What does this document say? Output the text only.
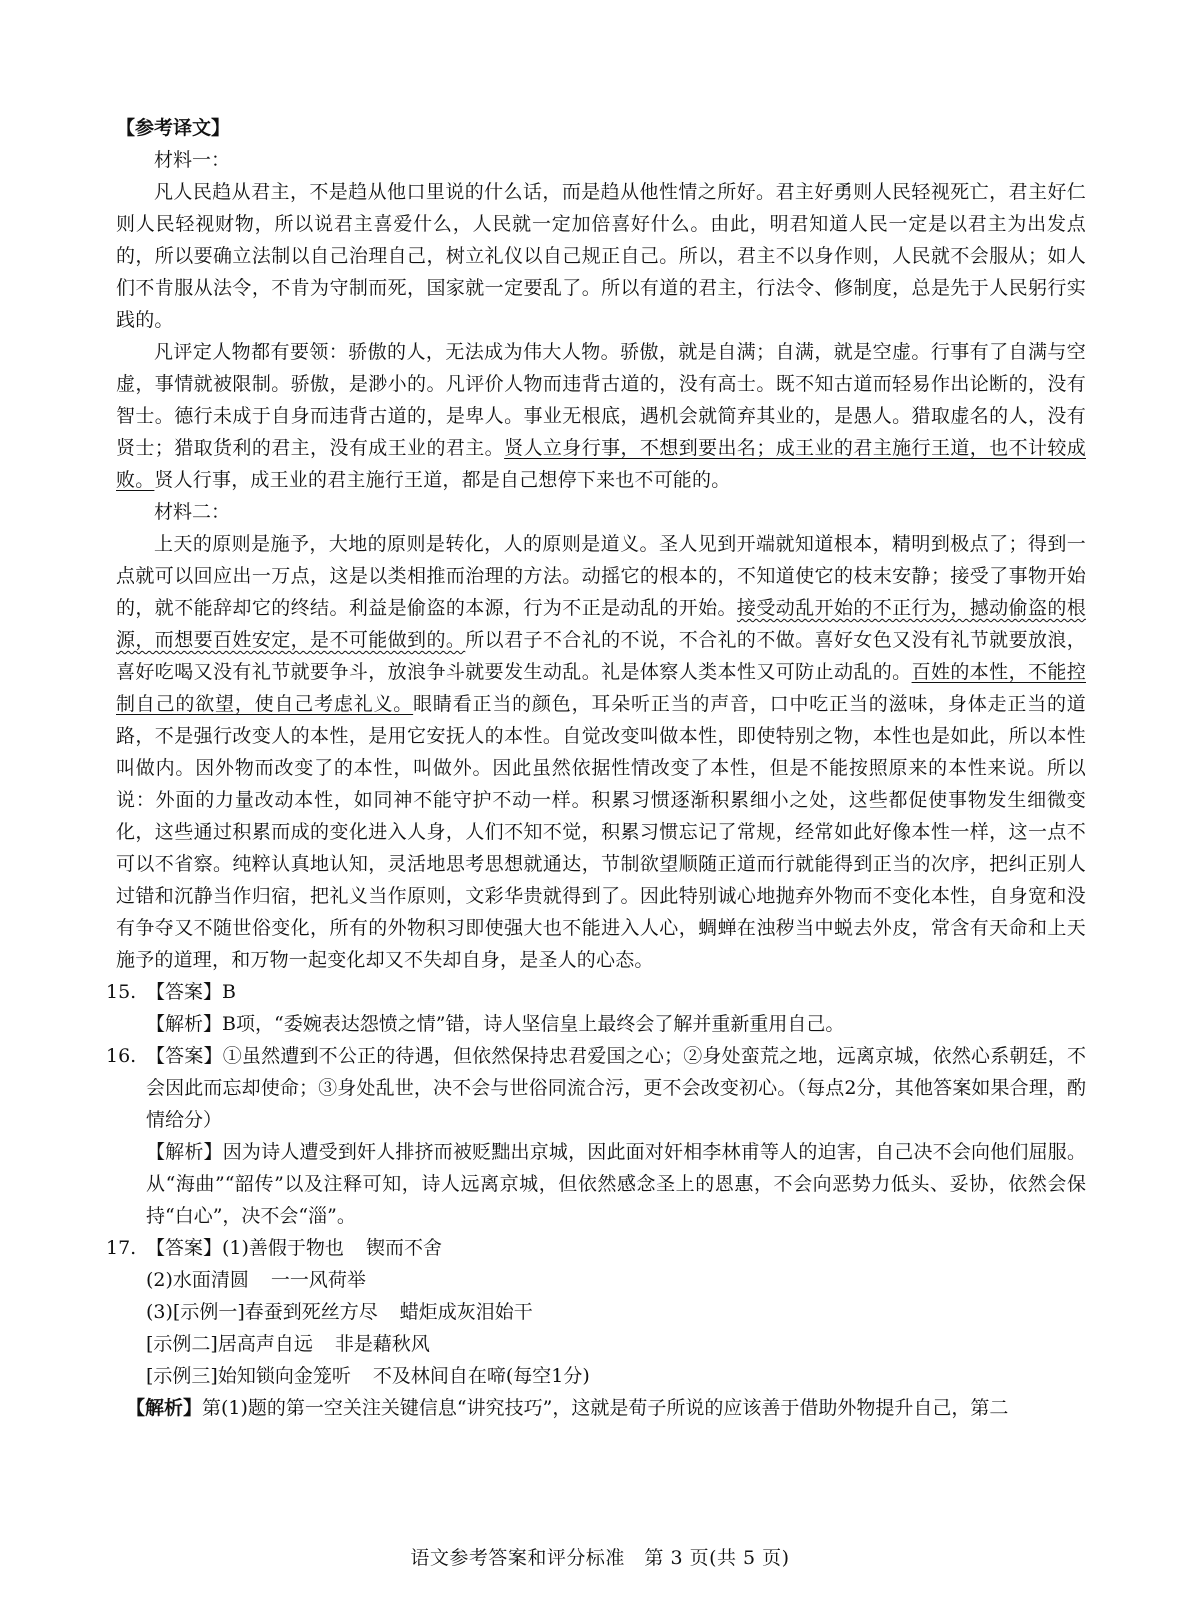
【参考译文】
材料一：

凡人民趋从君主，不是趋从他口里说的什么话，而是趋从他性情之所好。君主好勇则人民轻视死亡，君主好仁则人民轻视财物，所以说君主喜爱什么，人民就一定加倍喜好什么。由此，明君知道人民一定是以君主为出发点的，所以要确立法制以自己治理自己，树立礼仪以自己规正自己。所以，君主不以身作则，人民就不会服从；如人们不肯服从法令，不肯为守制而死，国家就一定要乱了。所以有道的君主，行法令、修制度，总是先于人民躬行实践的。

凡评定人物都有要领：骄傲的人，无法成为伟大人物。骄傲，就是自满；自满，就是空虚。行事有了自满与空虚，事情就被限制。骄傲，是渺小的。凡评价人物而违背古道的，没有高士。既不知古道而轻易作出论断的，没有智士。德行未成于自身而违背古道的，是卑人。事业无根底，遇机会就简弃其业的，是愚人。猎取虚名的人，没有贤士；猎取货利的君主，没有成王业的君主。贤人立身行事，不想到要出名；成王业的君主施行王道，也不计较成败。贤人行事，成王业的君主施行王道，都是自己想停下来也不可能的。

材料二：

上天的原则是施予，大地的原则是转化，人的原则是道义。圣人见到开端就知道根本，精明到极点了；得到一点就可以回应出一万点，这是以类相推而治理的方法。动摇它的根本的，不知道使它的枝末安静；接受了事物开始的，就不能辞却它的终结。利益是偷盗的本源，行为不正是动乱的开始。接受动乱开始的不正行为，撼动偷盗的根源，而想要百姓安定，是不可能做到的。所以君子不合礼的不说，不合礼的不做。喜好女色又没有礼节就要放浪，喜好吃喝又没有礼节就要争斗，放浪争斗就要发生动乱。礼是体察人类本性又可防止动乱的。百姓的本性，不能控制自己的欲望，使自己考虑礼义。眼睛看正当的颜色，耳朵听正当的声音，口中吃正当的滋味，身体走正当的道路，不是强行改变人的本性，是用它安抚人的本性。自觉改变叫做本性，即使特别之物，本性也是如此，所以本性叫做内。因外物而改变了的本性，叫做外。因此虽然依据性情改变了本性，但是不能按照原来的本性来说。所以说：外面的力量改动本性，如同神不能守护不动一样。积累习惯逐渐积累细小之处，这些都促使事物发生细微变化，这些通过积累而成的变化进入人身，人们不知不觉，积累习惯忘记了常规，经常如此好像本性一样，这一点不可以不省察。纯粹认真地认知，灵活地思考思想就通达，节制欲望顺随正道而行就能得到正当的次序，把纠正别人过错和沉静当作归宿，把礼义当作原则，文彩华贵就得到了。因此特别诚心地抛弃外物而不变化本性，自身宽和没有争夺又不随世俗变化，所有的外物积习即使强大也不能进入人心，蜩蝉在浊秽当中蜕去外皮，常含有天命和上天施予的道理，和万物一起变化却又不失却自身，是圣人的心态。

15. 【答案】B
【解析】B项，“委婉表达怨愤之情”错，诗人坚信皇上最终会了解并重新重用自己。
16. 【答案】①虽然遭到不公正的待遇，但依然保持忠君爱国之心；②身处蛮荒之地，远离京城，依然心系朝廷，不会因此而忘却使命；③身处乱世，决不会与世俗同流合污，更不会改变初心。（每点2分，其他答案如果合理，酌情给分）
【解析】因为诗人遭受到奸人排挤而被贬黜出京城，因此面对奸相李林甫等人的迫害，自己决不会向他们屈服。从“海曲”“韶传”以及注释可知，诗人远离京城，但依然感念圣上的恩惠，不会向恶势力低头、妥协，依然会保持“白心”，决不会“淄”。
17. 【答案】(1)善假于物也 锲而不舍
(2)水面清圆 一一风荷举
(3)[示例一]春蚕到死丝方尽 蜡炬成灰泪始干
[示例二]居高声自远 非是藉秋风
[示例三]始知锁向金笼听 不及林间自在啼(每空1分)
【解析】第(1)题的第一空关注关键信息“讲究技巧”，这就是荀子所说的应该善于借助外物提升自己，第二
语文参考答案和评分标准　第 3 页(共 5 页)
